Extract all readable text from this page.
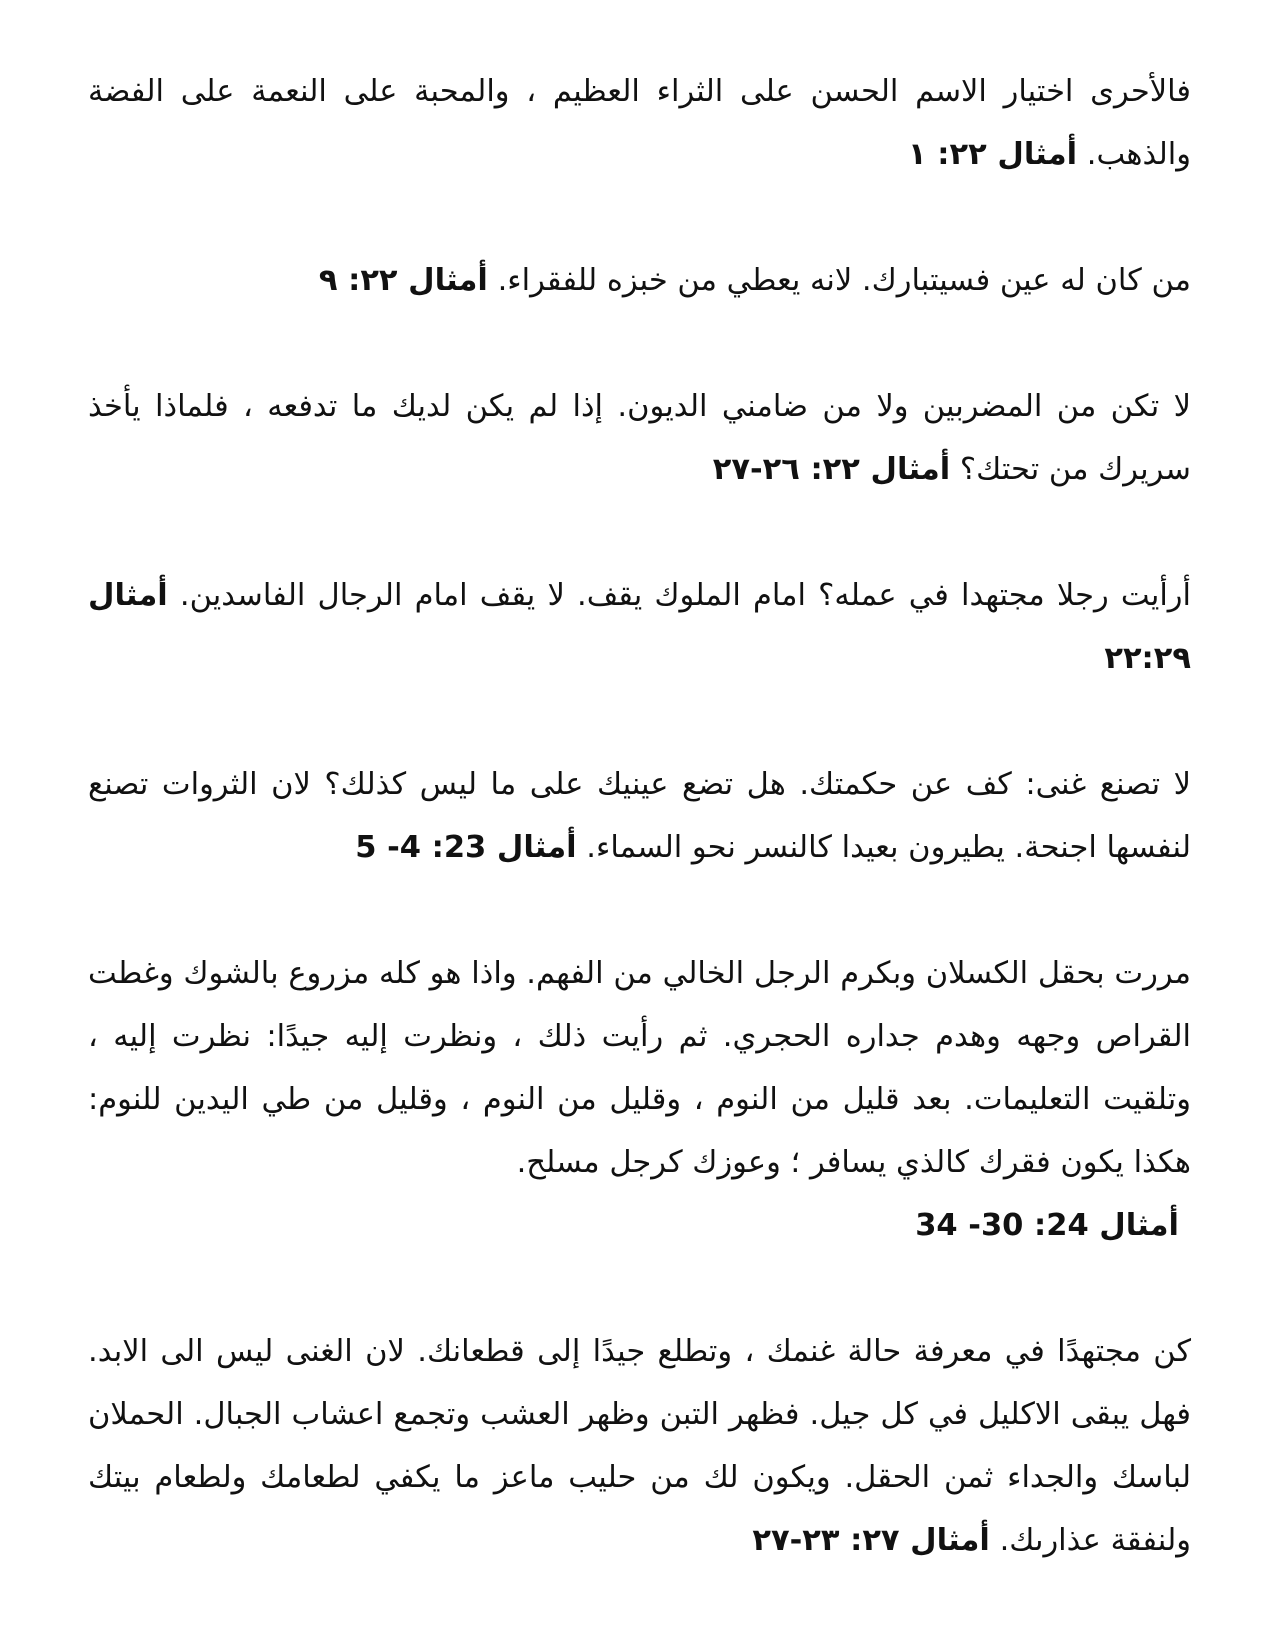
فالأحرى اختيار الاسم الحسن على الثراء العظيم ، والمحبة على النعمة على الفضة والذهب. أمثال ٢٢: ١

من كان له عين فسيتبارك. لانه يعطي من خبزه للفقراء. أمثال ٢٢: ٩

لا تكن من المضربين ولا من ضامني الديون. إذا لم يكن لديك ما تدفعه ، فلماذا يأخذ سريرك من تحتك؟ أمثال ٢٢: ٢٦-٢٧

أرأيت رجلا مجتهدا في عمله؟ امام الملوك يقف. لا يقف امام الرجال الفاسدين. أمثال ٢٢:٢٩

لا تصنع غنى: كف عن حكمتك. هل تضع عينيك على ما ليس كذلك؟ لان الثروات تصنع لنفسها اجنحة. يطيرون بعيدا كالنسر نحو السماء. أمثال 23: 4- 5

مررت بحقل الكسلان وبكرم الرجل الخالي من الفهم. واذا هو كله مزروع بالشوك وغطت القراص وجهه وهدم جداره الحجري. ثم رأيت ذلك ، ونظرت إليه جيدًا: نظرت إليه ، وتلقيت التعليمات. بعد قليل من النوم ، وقليل من النوم ، وقليل من طي اليدين للنوم: هكذا يكون فقرك كالذي يسافر ؛ وعوزك كرجل مسلح.
أمثال 24: 30- 34

كن مجتهدًا في معرفة حالة غنمك ، وتطلع جيدًا إلى قطعانك. لان الغنى ليس الى الابد. فهل يبقى الاكليل في كل جيل. فظهر التبن وظهر العشب وتجمع اعشاب الجبال. الحملان لباسك والجداء ثمن الحقل. ويكون لك من حليب ماعز ما يكفي لطعامك ولطعام بيتك ولنفقة عذارىك. أمثال ٢٧: ٢٣-٢٧
